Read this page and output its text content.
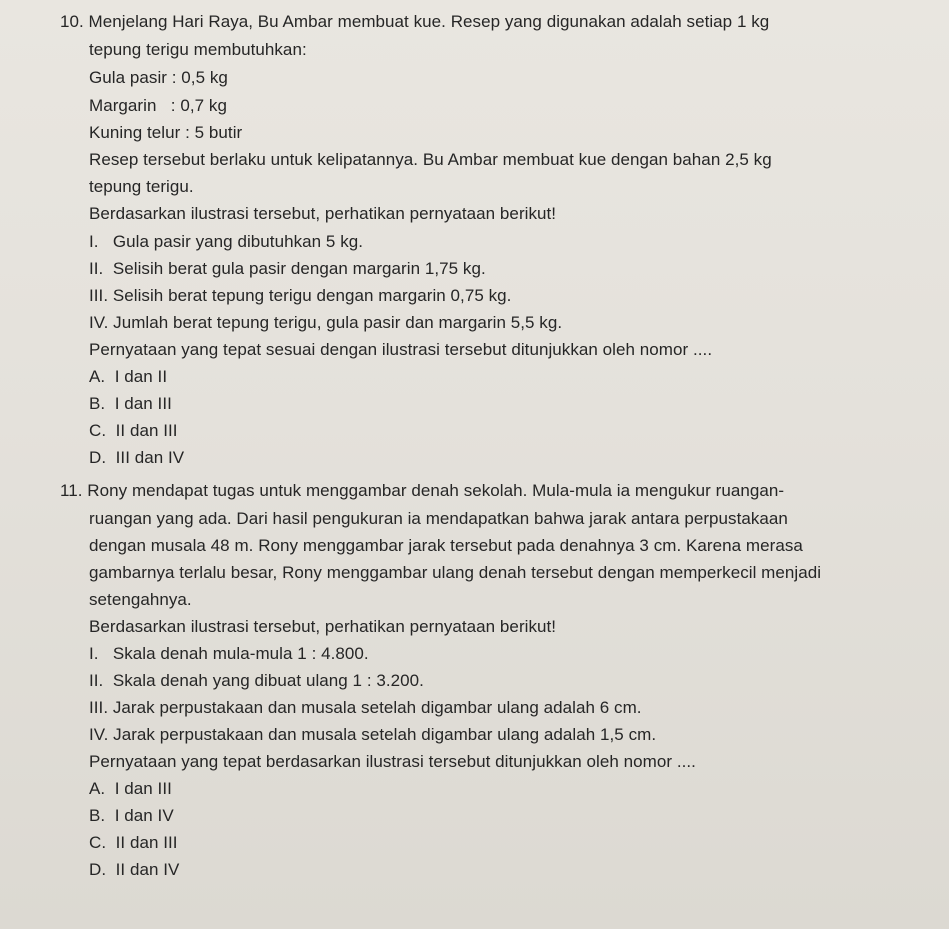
10. Menjelang Hari Raya, Bu Ambar membuat kue. Resep yang digunakan adalah setiap 1 kg
tepung terigu membutuhkan:
Gula pasir : 0,5 kg
Margarin   : 0,7 kg
Kuning telur : 5 butir
Resep tersebut berlaku untuk kelipatannya. Bu Ambar membuat kue dengan bahan 2,5 kg
tepung terigu.
Berdasarkan ilustrasi tersebut, perhatikan pernyataan berikut!
I.   Gula pasir yang dibutuhkan 5 kg.
II.  Selisih berat gula pasir dengan margarin 1,75 kg.
III. Selisih berat tepung terigu dengan margarin 0,75 kg.
IV. Jumlah berat tepung terigu, gula pasir dan margarin 5,5 kg.
Pernyataan yang tepat sesuai dengan ilustrasi tersebut ditunjukkan oleh nomor ....
A.  I dan II
B.  I dan III
C.  II dan III
D.  III dan IV
11. Rony mendapat tugas untuk menggambar denah sekolah. Mula-mula ia mengukur ruangan-
ruangan yang ada. Dari hasil pengukuran ia mendapatkan bahwa jarak antara perpustakaan
dengan musala 48 m. Rony menggambar jarak tersebut pada denahnya 3 cm. Karena merasa
gambarnya terlalu besar, Rony menggambar ulang denah tersebut dengan memperkecil menjadi
setengahnya.
Berdasarkan ilustrasi tersebut, perhatikan pernyataan berikut!
I.   Skala denah mula-mula 1 : 4.800.
II.  Skala denah yang dibuat ulang 1 : 3.200.
III. Jarak perpustakaan dan musala setelah digambar ulang adalah 6 cm.
IV. Jarak perpustakaan dan musala setelah digambar ulang adalah 1,5 cm.
Pernyataan yang tepat berdasarkan ilustrasi tersebut ditunjukkan oleh nomor ....
A.  I dan III
B.  I dan IV
C.  II dan III
D.  II dan IV
